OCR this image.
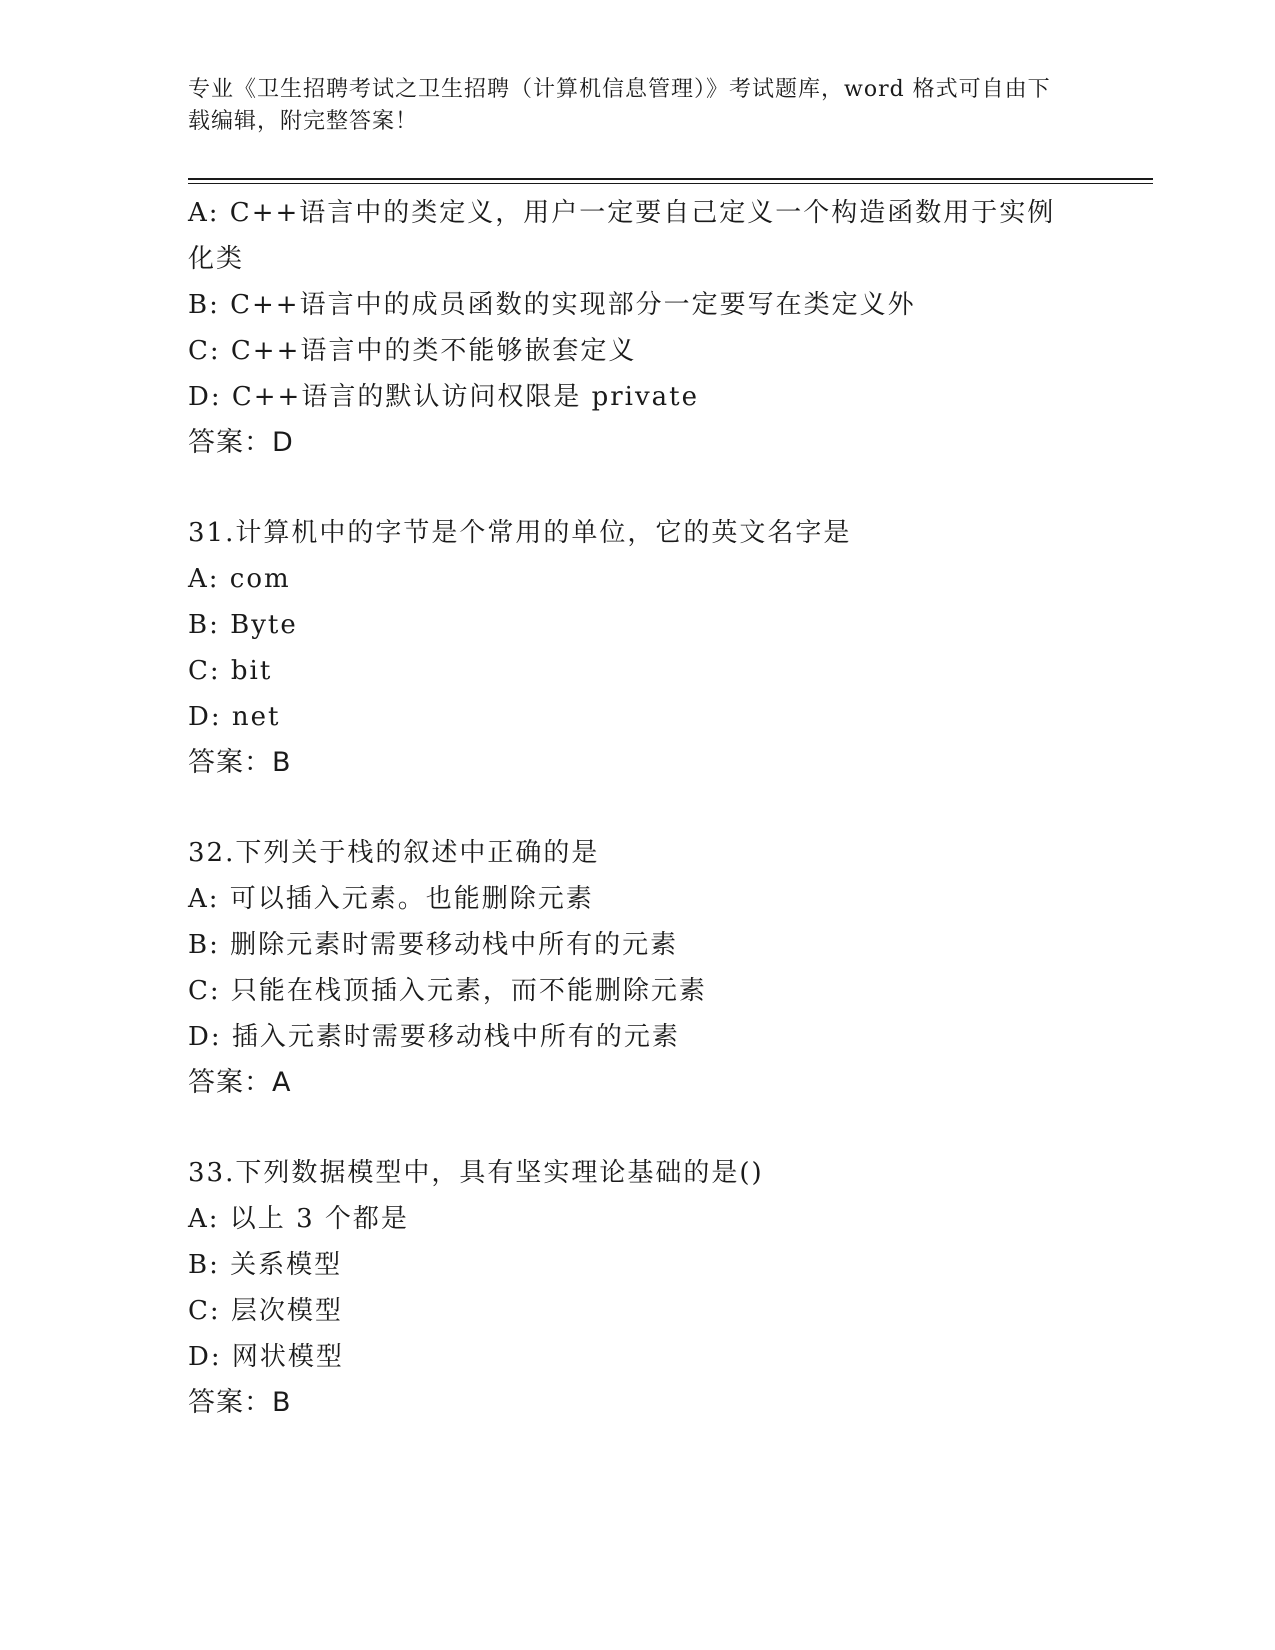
专业《卫生招聘考试之卫生招聘（计算机信息管理）》考试题库，word 格式可自由下载编辑，附完整答案！
A: C++语言中的类定义，用户一定要自己定义一个构造函数用于实例化类
B: C++语言中的成员函数的实现部分一定要写在类定义外
C: C++语言中的类不能够嵌套定义
D: C++语言的默认访问权限是 private
答案：D
31.计算机中的字节是个常用的单位，它的英文名字是
A: com
B: Byte
C: bit
D: net
答案：B
32.下列关于栈的叙述中正确的是
A: 可以插入元素。也能删除元素
B: 删除元素时需要移动栈中所有的元素
C: 只能在栈顶插入元素，而不能删除元素
D: 插入元素时需要移动栈中所有的元素
答案：A
33.下列数据模型中，具有坚实理论基础的是()
A: 以上 3 个都是
B: 关系模型
C: 层次模型
D: 网状模型
答案：B
